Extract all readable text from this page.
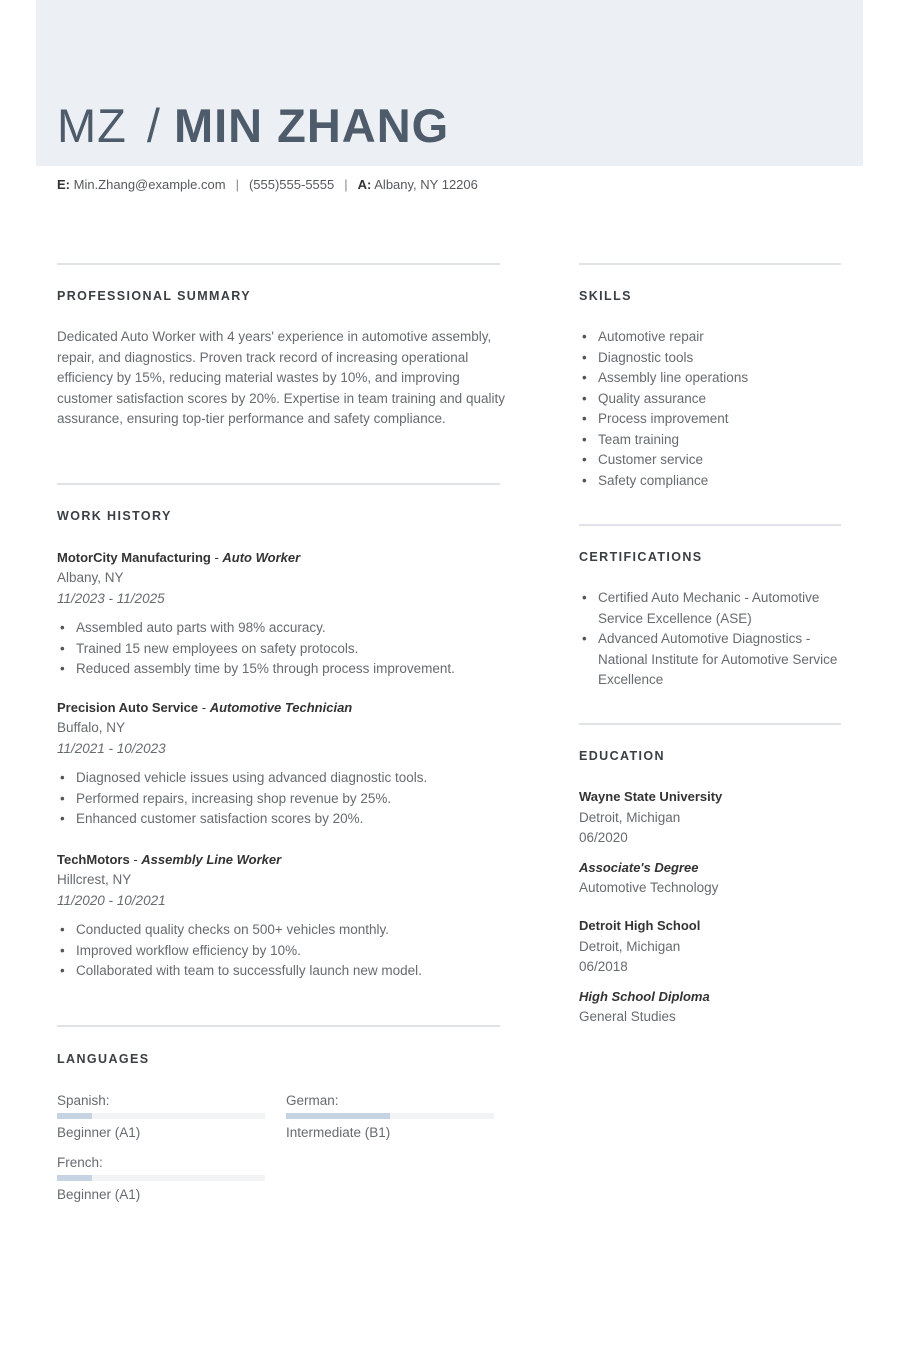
MZ / MIN ZHANG
E: Min.Zhang@example.com | (555)555-5555 | A: Albany, NY 12206
PROFESSIONAL SUMMARY
Dedicated Auto Worker with 4 years' experience in automotive assembly, repair, and diagnostics. Proven track record of increasing operational efficiency by 15%, reducing material wastes by 10%, and improving customer satisfaction scores by 20%. Expertise in team training and quality assurance, ensuring top-tier performance and safety compliance.
WORK HISTORY
MotorCity Manufacturing - Auto Worker
Albany, NY
11/2023 - 11/2025
• Assembled auto parts with 98% accuracy.
• Trained 15 new employees on safety protocols.
• Reduced assembly time by 15% through process improvement.
Precision Auto Service - Automotive Technician
Buffalo, NY
11/2021 - 10/2023
• Diagnosed vehicle issues using advanced diagnostic tools.
• Performed repairs, increasing shop revenue by 25%.
• Enhanced customer satisfaction scores by 20%.
TechMotors - Assembly Line Worker
Hillcrest, NY
11/2020 - 10/2021
• Conducted quality checks on 500+ vehicles monthly.
• Improved workflow efficiency by 10%.
• Collaborated with team to successfully launch new model.
LANGUAGES
Spanish:
Beginner (A1)
German:
Intermediate (B1)
French:
Beginner (A1)
SKILLS
• Automotive repair
• Diagnostic tools
• Assembly line operations
• Quality assurance
• Process improvement
• Team training
• Customer service
• Safety compliance
CERTIFICATIONS
• Certified Auto Mechanic - Automotive Service Excellence (ASE)
• Advanced Automotive Diagnostics - National Institute for Automotive Service Excellence
EDUCATION
Wayne State University
Detroit, Michigan
06/2020
Associate's Degree
Automotive Technology
Detroit High School
Detroit, Michigan
06/2018
High School Diploma
General Studies
